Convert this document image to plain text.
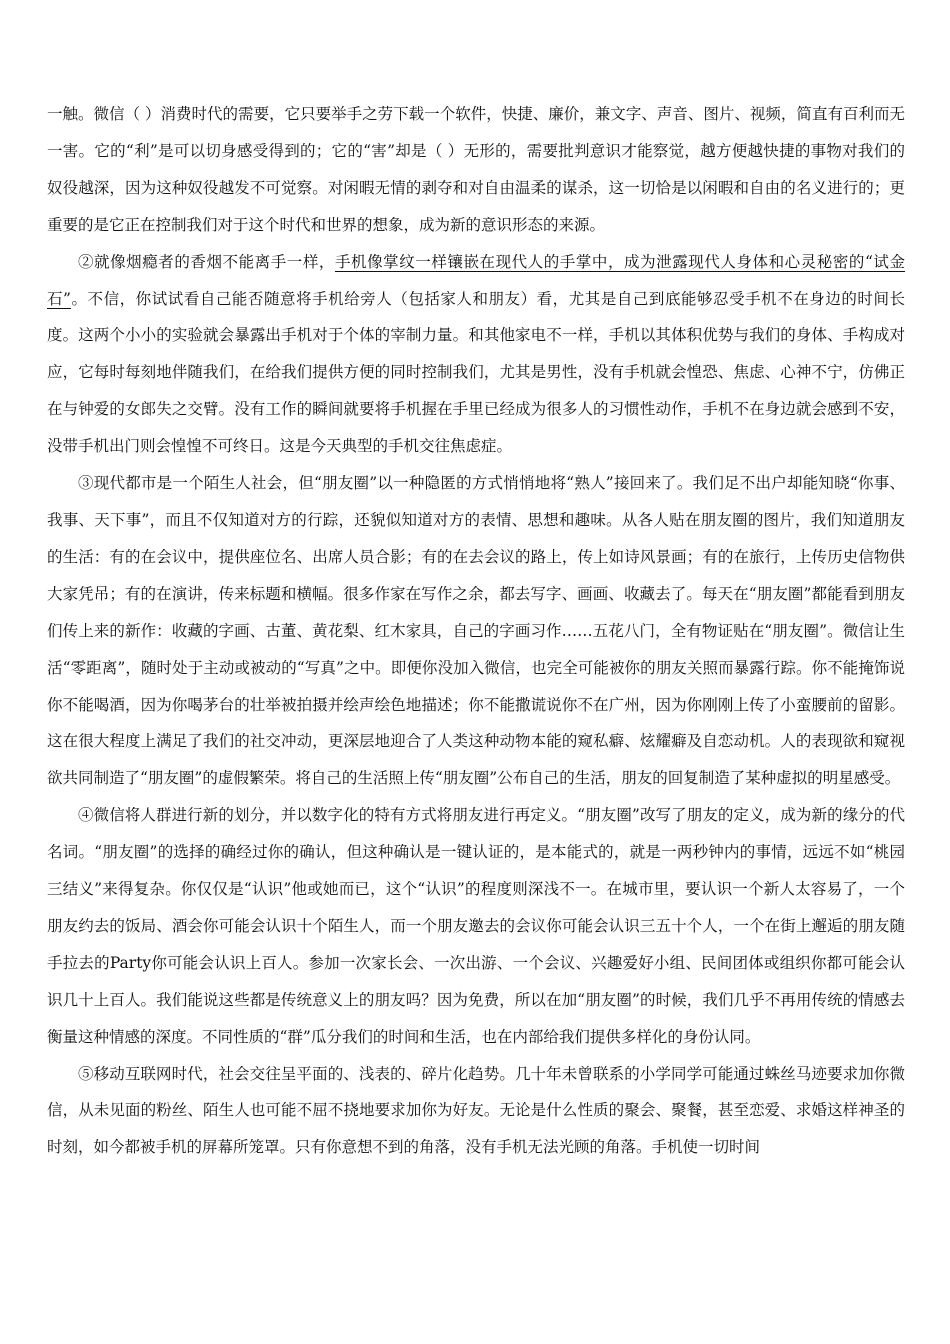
一触。微信（ ）消费时代的需要，它只要举手之劳下载一个软件，快捷、廉价，兼文字、声音、图片、视频，简直有百利而无一害。它的“利”是可以切身感受得到的；它的“害”却是（ ）无形的，需要批判意识才能察觉，越方便越快捷的事物对我们的奴役越深，因为这种奴役越发不可觉察。对闲暇无情的剥夺和对自由温柔的谋杀，这一切恰是以闲暇和自由的名义进行的；更重要的是它正在控制我们对于这个时代和世界的想象，成为新的意识形态的来源。

②就像烟瘾者的香烟不能离手一样，手机像掌纹一样镶嵌在现代人的手掌中，成为泄露现代人身体和心灵秘密的“试金石”。不信，你试试看自己能否随意将手机给旁人（包括家人和朋友）看，尤其是自己到底能够忍受手机不在身边的时间长度。这两个小小的实验就会暴露出手机对于个体的宰制力量。和其他家电不一样，手机以其体积优势与我们的身体、手构成对应，它每时每刻地伴随我们，在给我们提供方便的同时控制我们，尤其是男性，没有手机就会惶恐、焦虑、心神不宁，仿佛正在与钟爱的女郎失之交臂。没有工作的瞬间就要将手机握在手里已经成为很多人的习惯性动作，手机不在身边就会感到不安，没带手机出门则会惶惶不可终日。这是今天典型的手机交往焦虑症。

③现代都市是一个陌生人社会，但“朋友圈”以一种隐匿的方式悄悄地将“熟人”接回来了。我们足不出户却能知晓“你事、我事、天下事”，而且不仅知道对方的行踪，还貌似知道对方的表情、思想和趣味。从各人贴在朋友圈的图片，我们知道朋友的生活：有的在会议中，提供座位名、出席人员合影；有的在去会议的路上，传上如诗风景画；有的在旅行，上传历史信物供大家凭吊；有的在演讲，传来标题和横幅。很多作家在写作之余，都去写字、画画、收藏去了。每天在“朋友圈”都能看到朋友们传上来的新作：收藏的字画、古董、黄花梨、红木家具，自己的字画习作……五花八门，全有物证贴在“朋友圈”。微信让生活“零距离”，随时处于主动或被动的“写真”之中。即便你没加入微信，也完全可能被你的朋友关照而暴露行踪。你不能掩饰说你不能喝酒，因为你喝茅台的壮举被拍摄并绘声绘色地描述；你不能撒谎说你不在广州，因为你刚刚上传了小蛮腰前的留影。这在很大程度上满足了我们的社交冲动，更深层地迎合了人类这种动物本能的窥私癖、炫耀癖及自恋动机。人的表现欲和窥视欲共同制造了“朋友圈”的虚假繁荣。将自己的生活照上传“朋友圈”公布自己的生活，朋友的回复制造了某种虚拟的明星感受。

④微信将人群进行新的划分，并以数字化的特有方式将朋友进行再定义。“朋友圈”改写了朋友的定义，成为新的缘分的代名词。“朋友圈”的选择的确经过你的确认，但这种确认是一键认证的，是本能式的，就是一两秒钟内的事情，远远不如“桃园三结义”来得复杂。你仅仅是“认识”他或她而已，这个“认识”的程度则深浅不一。在城市里，要认识一个新人太容易了，一个朋友约去的饭局、酒会你可能会认识十个陌生人，而一个朋友邀去的会议你可能会认识三五十个人，一个在街上邂逅的朋友随手拉去的Party你可能会认识上百人。参加一次家长会、一次出游、一个会议、兴趣爱好小组、民间团体或组织你都可能会认识几十上百人。我们能说这些都是传统意义上的朋友吗？因为免费，所以在加“朋友圈”的时候，我们几乎不再用传统的情感去衡量这种情感的深度。不同性质的“群”瓜分我们的时间和生活，也在内部给我们提供多样化的身份认同。

⑤移动互联网时代，社会交往呈平面的、浅表的、碎片化趋势。几十年未曾联系的小学同学可能通过蛛丝马迹要求加你微信，从未见面的粉丝、陌生人也可能不屈不挠地要求加你为好友。无论是什么性质的聚会、聚餐，甚至恋爱、求婚这样神圣的时刻，如今都被手机的屏幕所笼罩。只有你意想不到的角落，没有手机无法光顾的角落。手机使一切时间
